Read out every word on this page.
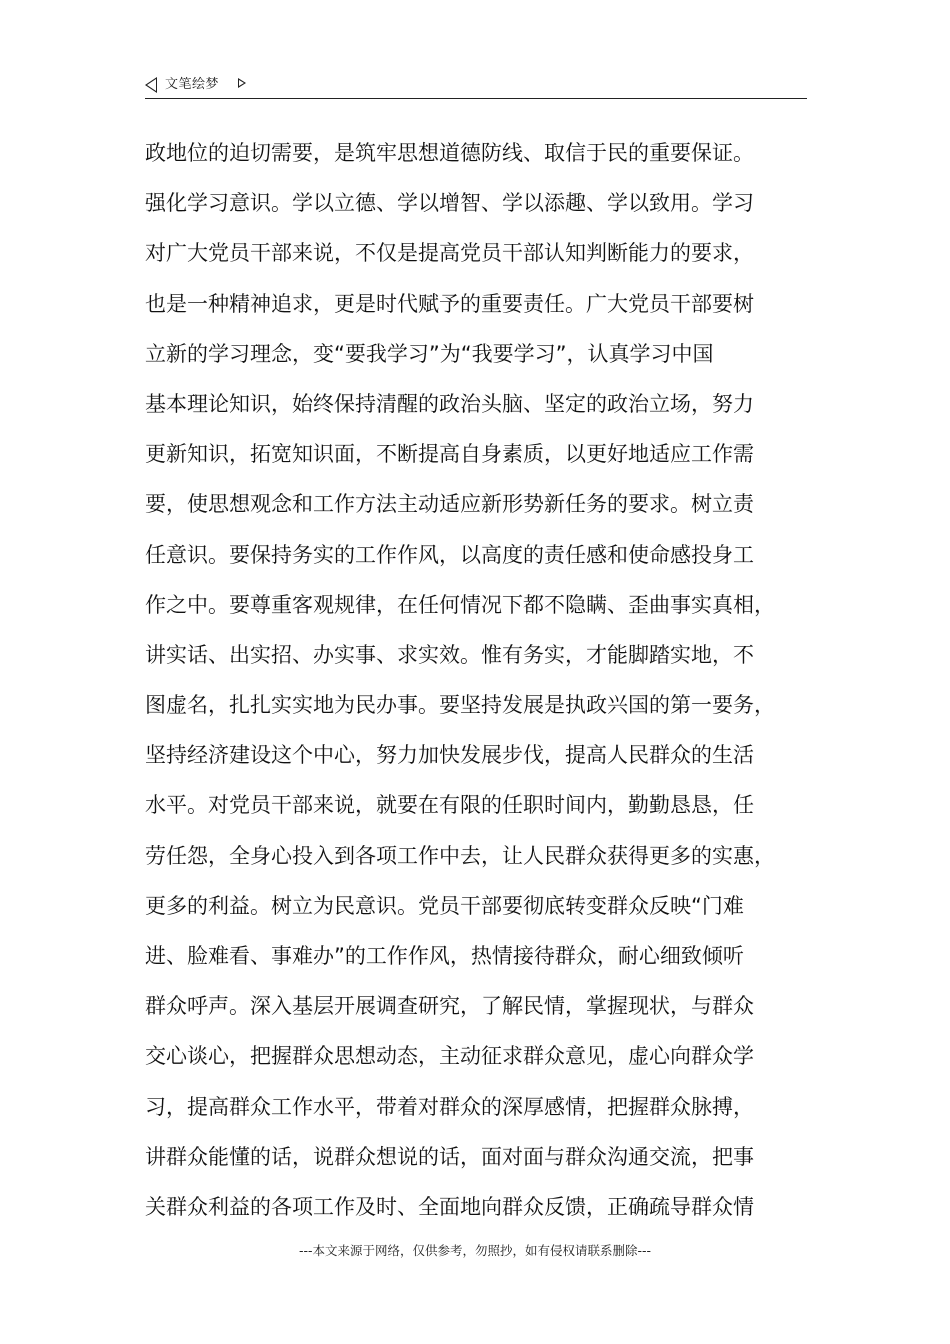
文笔绘梦
政地位的迫切需要，是筑牢思想道德防线、取信于民的重要保证。
强化学习意识。学以立德、学以增智、学以添趣、学以致用。学习
对广大党员干部来说，不仅是提高党员干部认知判断能力的要求，
也是一种精神追求，更是时代赋予的重要责任。广大党员干部要树
立新的学习理念，变“要我学习”为“我要学习”，认真学习中国
基本理论知识，始终保持清醒的政治头脑、坚定的政治立场，努力
更新知识，拓宽知识面，不断提高自身素质，以更好地适应工作需
要，使思想观念和工作方法主动适应新形势新任务的要求。树立责
任意识。要保持务实的工作作风，以高度的责任感和使命感投身工
作之中。要尊重客观规律，在任何情况下都不隐瞒、歪曲事实真相，
讲实话、出实招、办实事、求实效。惟有务实，才能脚踏实地，不
图虚名，扎扎实实地为民办事。要坚持发展是执政兴国的第一要务，
坚持经济建设这个中心，努力加快发展步伐，提高人民群众的生活
水平。对党员干部来说，就要在有限的任职时间内，勤勤恳恳，任
劳任怨，全身心投入到各项工作中去，让人民群众获得更多的实惠，
更多的利益。树立为民意识。党员干部要彻底转变群众反映“门难
进、脸难看、事难办”的工作作风，热情接待群众，耐心细致倾听
群众呼声。深入基层开展调查研究，了解民情，掌握现状，与群众
交心谈心，把握群众思想动态，主动征求群众意见，虚心向群众学
习，提高群众工作水平，带着对群众的深厚感情，把握群众脉搏，
讲群众能懂的话，说群众想说的话，面对面与群众沟通交流，把事
关群众利益的各项工作及时、全面地向群众反馈，正确疏导群众情
---本文来源于网络，仅供参考，勿照抄，如有侵权请联系删除---
